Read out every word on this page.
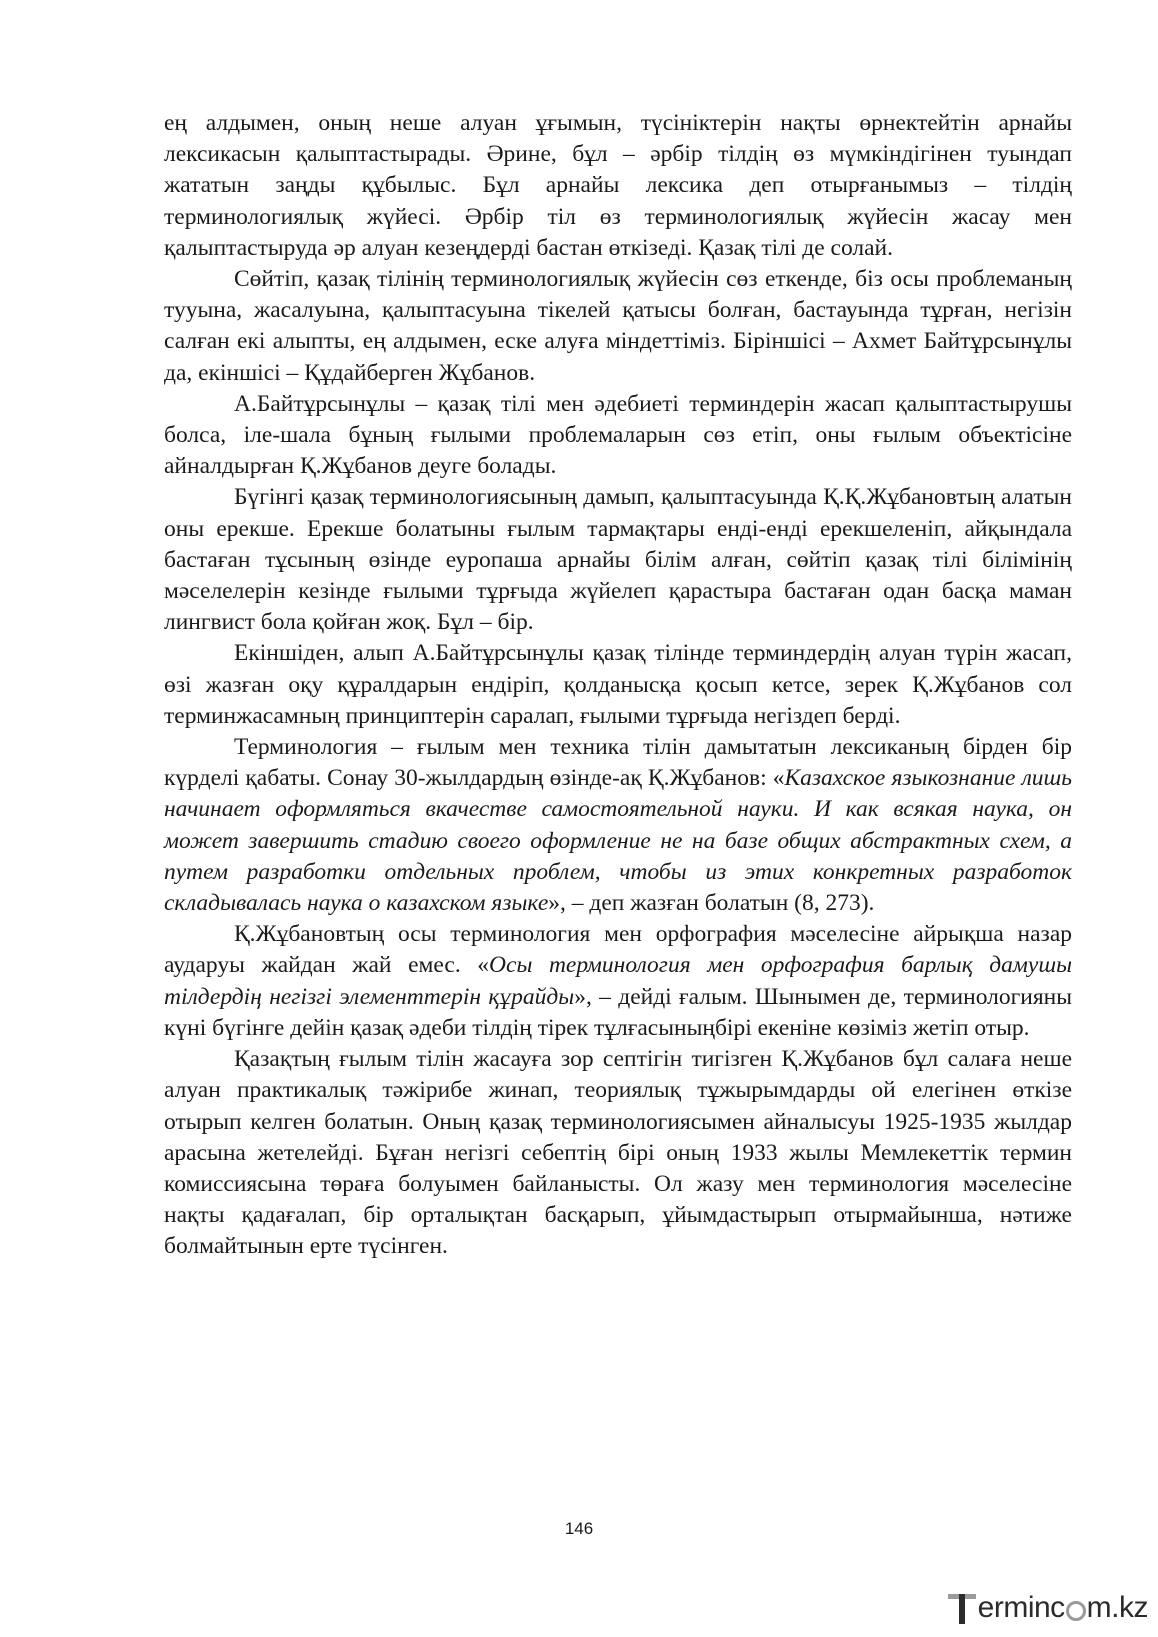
ең алдымен, оның неше алуан ұғымын, түсініктерін нақты өрнектейтін арнайы лексикасын қалыптастырады. Әрине, бұл – әрбір тілдің өз мүмкіндігінен туындап жататын заңды құбылыс. Бұл арнайы лексика деп отырғанымыз – тілдің терминологиялық жүйесі. Әрбір тіл өз терминологиялық жүйесін жасау мен қалыптастыруда әр алуан кезеңдерді бастан өткізеді. Қазақ тілі де солай.

Сөйтіп, қазақ тілінің терминологиялық жүйесін сөз еткенде, біз осы проблеманың тууына, жасалуына, қалыптасуына тікелей қатысы болған, бастауында тұрған, негізін салған екі алыпты, ең алдымен, еске алуға міндеттіміз. Біріншісі – Ахмет Байтұрсынұлы да, екіншісі – Құдайберген Жұбанов.

А.Байтұрсынұлы – қазақ тілі мен әдебиеті терминдерін жасап қалыптастырушы болса, іле-шала бұның ғылыми проблемаларын сөз етіп, оны ғылым объектісіне айналдырған Қ.Жұбанов деуге болады.

Бүгінгі қазақ терминологиясының дамып, қалыптасуында Қ.Қ.Жұбановтың алатын оны ерекше. Ерекше болатыны ғылым тармақтары енді-енді ерекшеленіп, айқындала бастаған тұсының өзінде еуропаша арнайы білім алған, сөйтіп қазақ тілі білімінің мәселелерін кезінде ғылыми тұрғыда жүйелеп қарастыра бастаған одан басқа маман лингвист бола қойған жоқ. Бұл – бір.

Екіншіден, алып А.Байтұрсынұлы қазақ тілінде терминдердің алуан түрін жасап, өзі жазған оқу құралдарын ендіріп, қолданысқа қосып кетсе, зерек Қ.Жұбанов сол терминжасамның принциптерін саралап, ғылыми тұрғыда негіздеп берді.

Терминология – ғылым мен техника тілін дамытатын лексиканың бірден бір күрделі қабаты. Сонау 30-жылдардың өзінде-ақ Қ.Жұбанов: «Казахское языкознание лишь начинает оформляться вкачестве самостоятельной науки. И как всякая наука, он может завершить стадию своего оформление не на базе общих абстрактных схем, а путем разработки отдельных проблем, чтобы из этих конкретных разработок складывалась наука о казахском языке», – деп жазған болатын (8, 273).

Қ.Жұбановтың осы терминология мен орфография мәселесіне айрықша назар аударуы жайдан жай емес. «Осы терминология мен орфография барлық дамушы тілдердің негізгі элементтерін құрайды», – дейді ғалым. Шынымен де, терминологияны күні бүгінге дейін қазақ әдеби тілдің тірек тұлғасыныңбірі екеніне көзіміз жетіп отыр.

Қазақтың ғылым тілін жасауға зор септігін тигізген Қ.Жұбанов бұл салаға неше алуан практикалық тәжірибе жинап, теориялық тұжырымдарды ой елегінен өткізе отырып келген болатын. Оның қазақ терминологиясымен айналысуы 1925-1935 жылдар арасына жетелейді. Бұған негізгі себептің бірі оның 1933 жылы Мемлекеттік термин комиссиясына төраға болуымен байланысты. Ол жазу мен терминология мәселесіне нақты қадағалап, бір орталықтан басқарып, ұйымдастырып отырмайынша, нәтиже болмайтынын ерте түсінген.

146
ermin c m.kz
